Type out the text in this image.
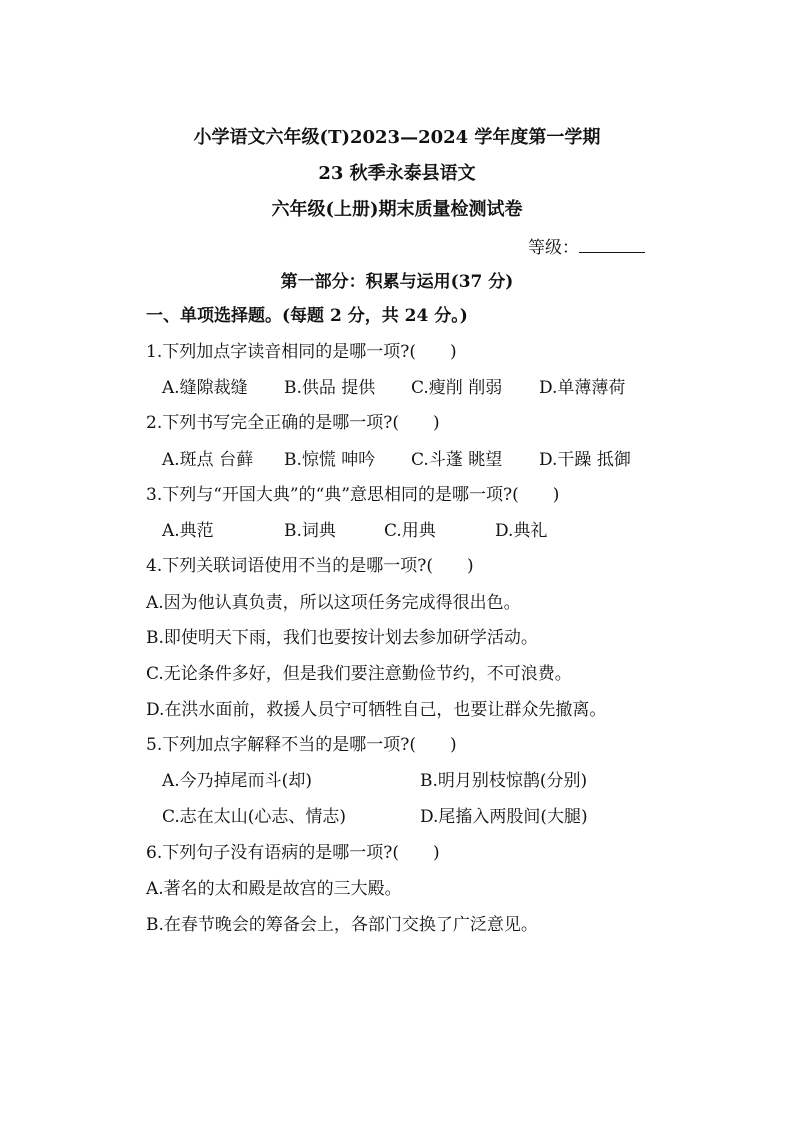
小学语文六年级(T)2023—2024 学年度第一学期
23 秋季永泰县语文
六年级(上册)期末质量检测试卷
等级：
第一部分：积累与运用(37 分)
一、单项选择题。(每题 2 分，共 24 分。)
1.下列加点字读音相同的是哪一项?(　　)
A.缝隙裁缝 B.供品 提供 C.瘦削 削弱 D.单薄薄荷
2.下列书写完全正确的是哪一项?(　　)
A.斑点 台藓 B.惊慌 呻吟 C.斗蓬 眺望 D.干躁 抵御
3.下列与“开国大典”的“典”意思相同的是哪一项?(　　)
A.典范	B.词典	C.用典	D.典礼
4.下列关联词语使用不当的是哪一项?(　　)
A.因为他认真负责，所以这项任务完成得很出色。
B.即使明天下雨，我们也要按计划去参加研学活动。
C.无论条件多好，但是我们要注意勤俭节约，不可浪费。
D.在洪水面前，救援人员宁可牺牲自己，也要让群众先撤离。
5.下列加点字解释不当的是哪一项?(　　)
A.今乃掉尾而斗(却)	B.明月别枝惊鹊(分别)
C.志在太山(心志、情志)	D.尾搐入两股间(大腿)
6.下列句子没有语病的是哪一项?(　　)
A.著名的太和殿是故宫的三大殿。
B.在春节晚会的筹备会上，各部门交换了广泛意见。
